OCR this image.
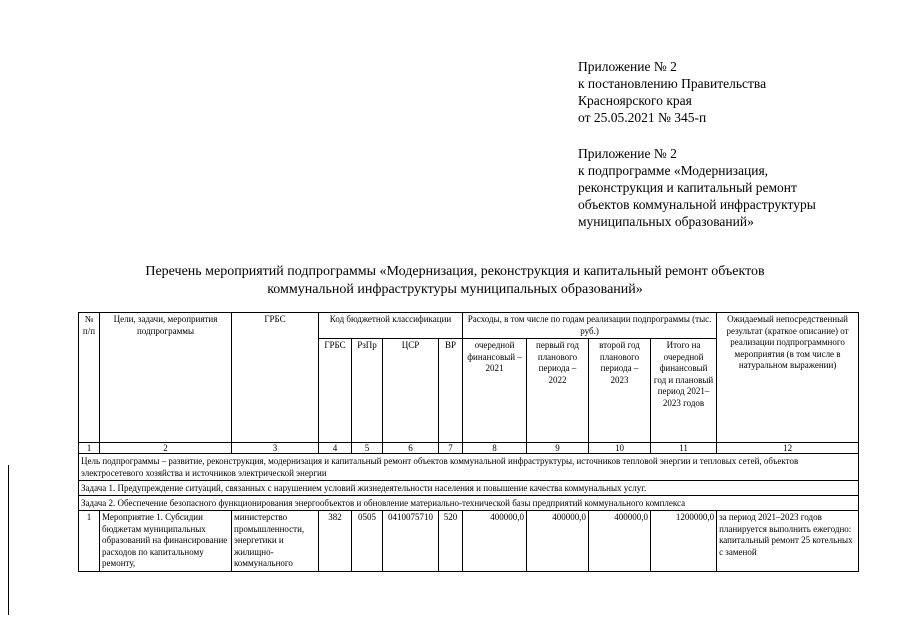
Приложение № 2
к постановлению Правительства
Красноярского края
от 25.05.2021 № 345-п
Приложение № 2
к подпрограмме «Модернизация,
реконструкция и капитальный ремонт
объектов коммунальной инфраструктуры
муниципальных образований»
Перечень мероприятий подпрограммы «Модернизация, реконструкция и капитальный ремонт объектов
коммунальной инфраструктуры муниципальных образований»
№ п/п	Цели, задачи, мероприятия подпрограммы	ГРБС	Код бюджетной классификации				Расходы, в том числе по годам реализации подпрограммы (тыс. руб.)				Ожидаемый непосредственный результат (краткое описание) от реализации подпрограммного мероприятия (в том числе в натуральном выражении)
			ГРБС	РзПр	ЦСР	ВР	очередной финансовый – 2021	первый год планового периода – 2022	второй год планового периода – 2023	Итого на очередной финансовый год и плановый период 2021–2023 годов	
1	2	3	4	5	6	7	8	9	10	11	12
Цель подпрограммы – развитие, реконструкция, модернизация и капитальный ремонт объектов коммунальной инфраструктуры, источников тепловой энергии и тепловых сетей, объектов электросетевого хозяйства и источников электрической энергии											
Задача 1. Предупреждение ситуаций, связанных с нарушением условий жизнедеятельности населения и повышение качества коммунальных услуг.											
Задача 2. Обеспечение безопасного функционирования энергообъектов и обновление материально-технической базы предприятий коммунального комплекса											
1	Мероприятие 1. Субсидии бюджетам муниципальных образований на финансирование расходов по капитальному ремонту,	министерство промышленности, энергетики и жилищно-коммунального	382	0505	0410075710	520	400000,0	400000,0	400000,0	1200000,0	за период 2021–2023 годов планируется выполнить ежегодно: капитальный ремонт 25 котельных с заменой
